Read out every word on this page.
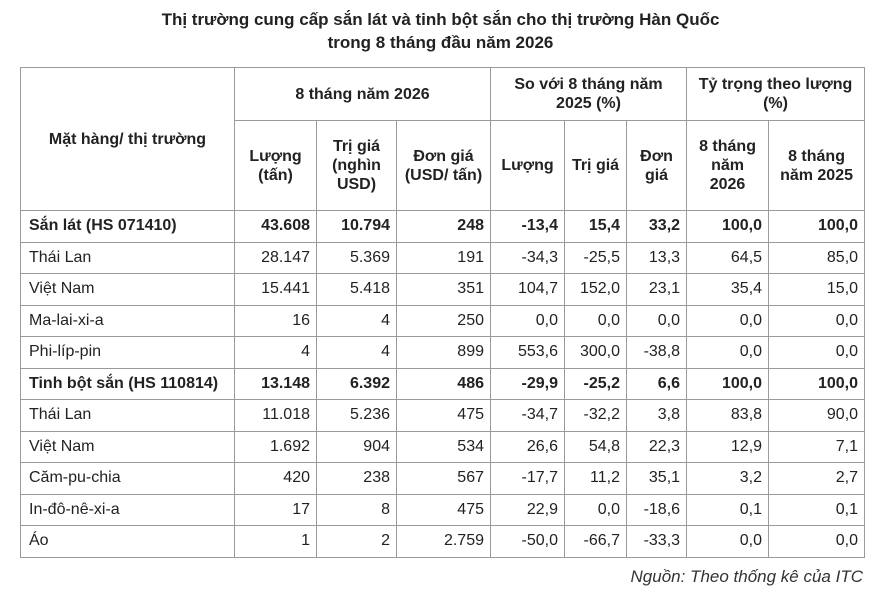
Thị trường cung cấp sắn lát và tinh bột sắn cho thị trường Hàn Quốc
trong 8 tháng đầu năm 2026
Mặt hàng/ thị trường	8 tháng năm 2026			So với 8 tháng năm 2025 (%)			Tỷ trọng theo lượng (%)	
	Lượng (tấn)	Trị giá (nghìn USD)	Đơn giá (USD/ tấn)	Lượng	Trị giá	Đơn giá	8 tháng năm 2026	8 tháng năm 2025
Sắn lát (HS 071410)	43.608	10.794	248	-13,4	15,4	33,2	100,0	100,0
Thái Lan	28.147	5.369	191	-34,3	-25,5	13,3	64,5	85,0
Việt Nam	15.441	5.418	351	104,7	152,0	23,1	35,4	15,0
Ma-lai-xi-a	16	4	250	0,0	0,0	0,0	0,0	0,0
Phi-líp-pin	4	4	899	553,6	300,0	-38,8	0,0	0,0
Tinh bột sắn (HS 110814)	13.148	6.392	486	-29,9	-25,2	6,6	100,0	100,0
Thái Lan	11.018	5.236	475	-34,7	-32,2	3,8	83,8	90,0
Việt Nam	1.692	904	534	26,6	54,8	22,3	12,9	7,1
Căm-pu-chia	420	238	567	-17,7	11,2	35,1	3,2	2,7
In-đô-nê-xi-a	17	8	475	22,9	0,0	-18,6	0,1	0,1
Áo	1	2	2.759	-50,0	-66,7	-33,3	0,0	0,0
Nguồn: Theo thống kê của ITC
